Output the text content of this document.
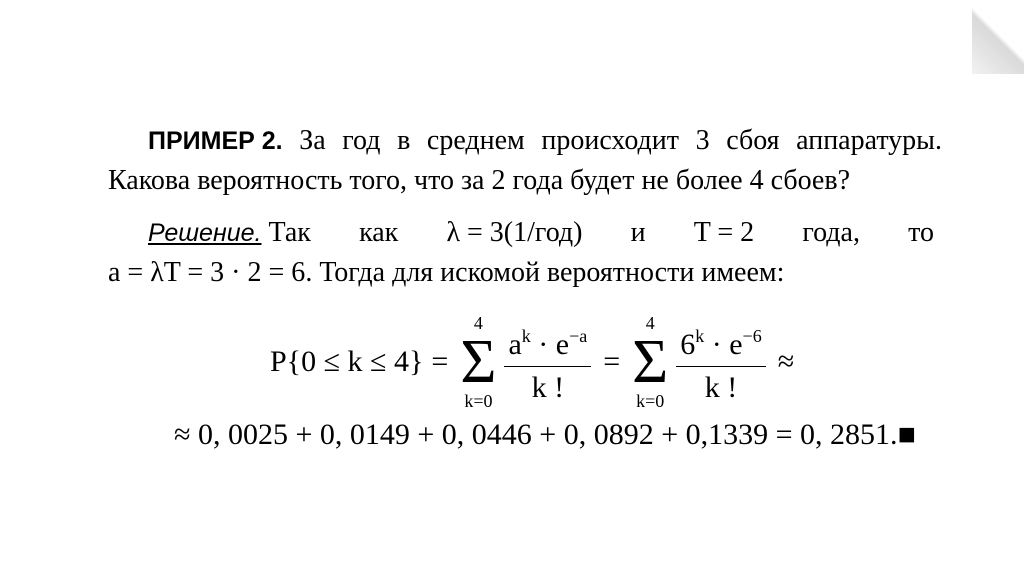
ПРИМЕР 2. За год в среднем происходит 3 сбоя аппаратуры.
Какова вероятность того, что за 2 года будет не более 4 сбоев?
Решение. Так как λ = 3(1/год) и T = 2 года, то
a = λT = 3 · 2 = 6. Тогда для искомой вероятности имеем:
P{0 ≤ k ≤ 4} =
4
Σ
$k=0 \frac{a^k \cdot e^{-a}}{k !}$ =
4
Σ
$k=0 \frac{6^k \cdot e^{-6}}{k !}$ ≈
≈ 0, 0025 + 0, 0149 + 0, 0446 + 0, 0892 + 0,1339 = 0, 2851.■
